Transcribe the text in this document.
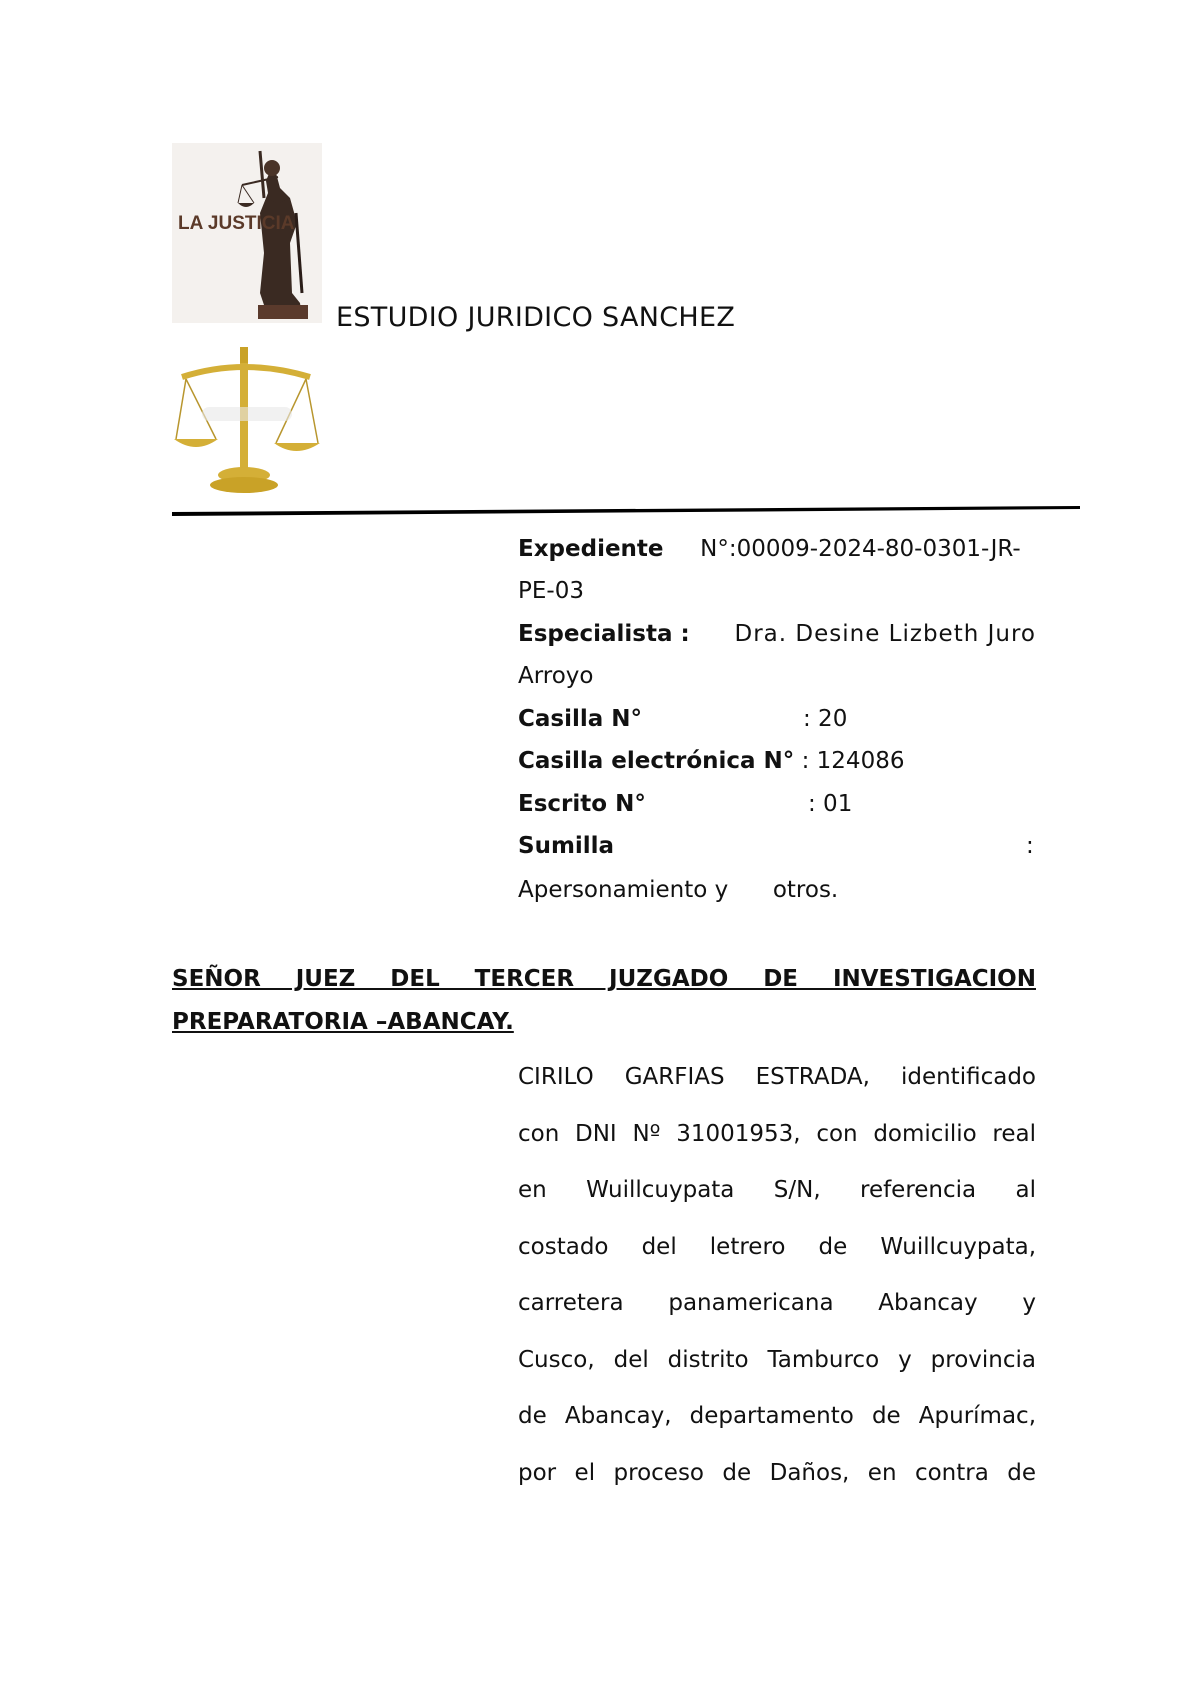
LA JUSTICIA
ESTUDIO JURIDICO SANCHEZ
Expediente N°:00009-2024-80-0301-JR-
PE-03
Especialista : Dra. Desine Lizbeth Juro
Arroyo
Casilla N°	: 20
Casilla electrónica N° : 124086
Escrito N°	: 01
Sumilla	:
Apersonamiento y otros.
SEÑOR JUEZ DEL TERCER JUZGADO DE INVESTIGACION
PREPARATORIA –ABANCAY.
CIRILO GARFIAS ESTRADA, identificado
con DNI Nº 31001953, con domicilio real
en Wuillcuypata S/N, referencia al
costado del letrero de Wuillcuypata,
carretera panamericana Abancay y
Cusco, del distrito Tamburco y provincia
de Abancay, departamento de Apurímac,
por el proceso de Daños, en contra de
